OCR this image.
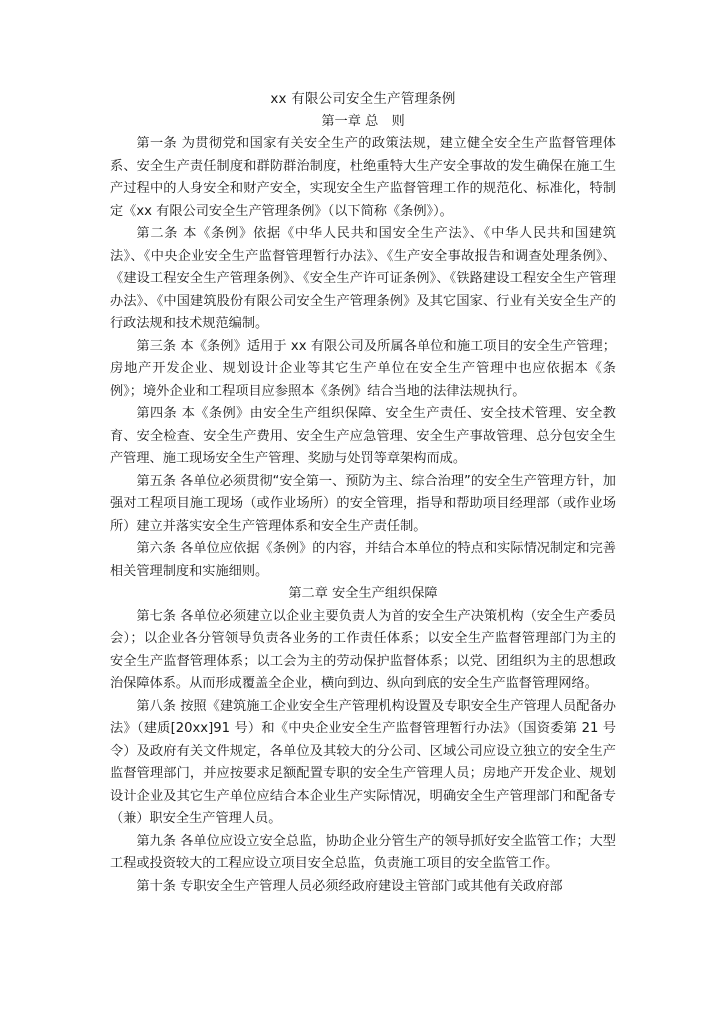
xx 有限公司安全生产管理条例

第一章 总　则

第一条 为贯彻党和国家有关安全生产的政策法规，建立健全安全生产监督管理体系、安全生产责任制度和群防群治制度，杜绝重特大生产安全事故的发生确保在施工生产过程中的人身安全和财产安全，实现安全生产监督管理工作的规范化、标准化，特制定《xx 有限公司安全生产管理条例》（以下简称《条例》）。

第二条 本《条例》依据《中华人民共和国安全生产法》、《中华人民共和国建筑法》、《中央企业安全生产监督管理暂行办法》、《生产安全事故报告和调查处理条例》、《建设工程安全生产管理条例》、《安全生产许可证条例》、《铁路建设工程安全生产管理办法》、《中国建筑股份有限公司安全生产管理条例》及其它国家、行业有关安全生产的行政法规和技术规范编制。

第三条 本《条例》适用于 xx 有限公司及所属各单位和施工项目的安全生产管理；房地产开发企业、规划设计企业等其它生产单位在安全生产管理中也应依据本《条例》；境外企业和工程项目应参照本《条例》结合当地的法律法规执行。

第四条 本《条例》由安全生产组织保障、安全生产责任、安全技术管理、安全教育、安全检查、安全生产费用、安全生产应急管理、安全生产事故管理、总分包安全生产管理、施工现场安全生产管理、奖励与处罚等章架构而成。

第五条 各单位必须贯彻“安全第一、预防为主、综合治理”的安全生产管理方针，加强对工程项目施工现场（或作业场所）的安全管理，指导和帮助项目经理部（或作业场所）建立并落实安全生产管理体系和安全生产责任制。

第六条 各单位应依据《条例》的内容，并结合本单位的特点和实际情况制定和完善相关管理制度和实施细则。

第二章 安全生产组织保障

第七条 各单位必须建立以企业主要负责人为首的安全生产决策机构（安全生产委员会）；以企业各分管领导负责各业务的工作责任体系；以安全生产监督管理部门为主的安全生产监督管理体系；以工会为主的劳动保护监督体系；以党、团组织为主的思想政治保障体系。从而形成覆盖全企业，横向到边、纵向到底的安全生产监督管理网络。

第八条 按照《建筑施工企业安全生产管理机构设置及专职安全生产管理人员配备办法》（建质[20xx]91 号）和《中央企业安全生产监督管理暂行办法》（国资委第 21 号令）及政府有关文件规定，各单位及其较大的分公司、区域公司应设立独立的安全生产监督管理部门，并应按要求足额配置专职的安全生产管理人员；房地产开发企业、规划设计企业及其它生产单位应结合本企业生产实际情况，明确安全生产管理部门和配备专（兼）职安全生产管理人员。

第九条 各单位应设立安全总监，协助企业分管生产的领导抓好安全监管工作；大型工程或投资较大的工程应设立项目安全总监，负责施工项目的安全监管工作。

第十条 专职安全生产管理人员必须经政府建设主管部门或其他有关政府部
